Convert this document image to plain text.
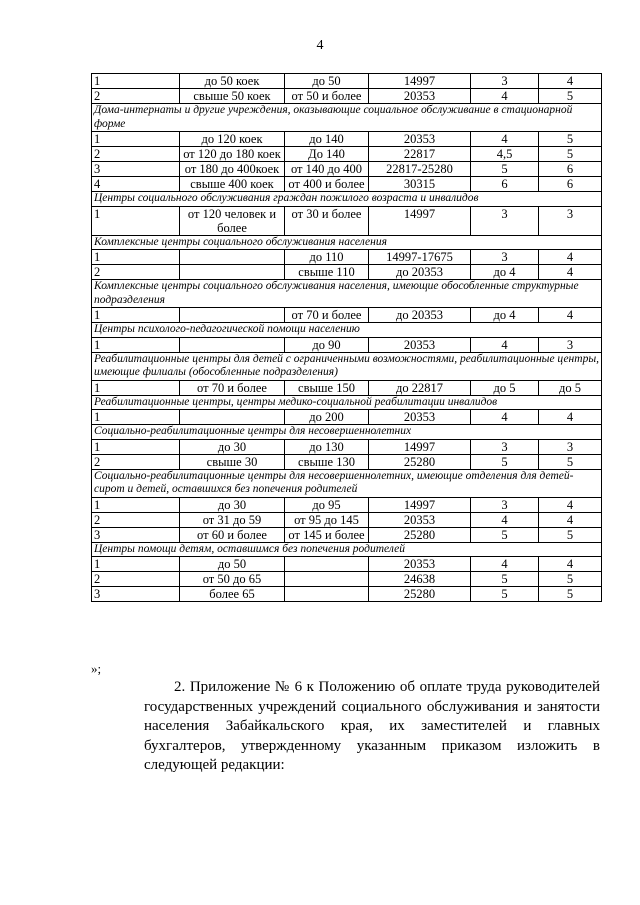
4
1	до 50 коек	до 50	14997	3	4
2	свыше 50 коек	от 50 и более	20353	4	5
Дома-интернаты и другие учреждения, оказывающие социальное обслуживание в стационарной форме					
1	до 120 коек	до 140	20353	4	5
2	от 120 до 180 коек	До 140	22817	4,5	5
3	от 180 до 400коек	от 140 до 400	22817-25280	5	6
4	свыше 400 коек	от 400 и более	30315	6	6
Центры социального обслуживания граждан пожилого возраста и инвалидов					
1	от 120 человек и более	от 30 и более	14997	3	3
Комплексные центры социального обслуживания населения					
1		до 110	14997-17675	3	4
2		свыше 110	до 20353	до 4	4
Комплексные центры социального обслуживания населения, имеющие обособленные структурные подразделения					
1		от 70 и более	до 20353	до 4	4
Центры психолого-педагогической помощи населению					
1		до 90	20353	4	3
Реабилитационные центры для детей с ограниченными возможностями, реабилитационные центры, имеющие филиалы (обособленные подразделения)					
1	от 70 и более	свыше 150	до 22817	до 5	до 5
Реабилитационные центры, центры медико-социальной реабилитации инвалидов					
1		до 200	20353	4	4
Социально-реабилитационные центры для несовершеннолетних					
1	до 30	до 130	14997	3	3
2	свыше 30	свыше 130	25280	5	5
Социально-реабилитационные центры для несовершеннолетних, имеющие отделения для детей-сирот и детей, оставшихся без попечения родителей					
1	до 30	до 95	14997	3	4
2	от 31 до 59	от 95 до 145	20353	4	4
3	от 60 и более	от 145 и более	25280	5	5
Центры помощи детям, оставшимся без попечения родителей					
1	до 50		20353	4	4
2	от 50 до 65		24638	5	5
3	более 65		25280	5	5
»;
2. Приложение № 6 к Положению об оплате труда руководителей государственных учреждений социального обслуживания и занятости населения Забайкальского края, их заместителей и главных бухгалтеров, утвержденному указанным приказом изложить в следующей редакции:
